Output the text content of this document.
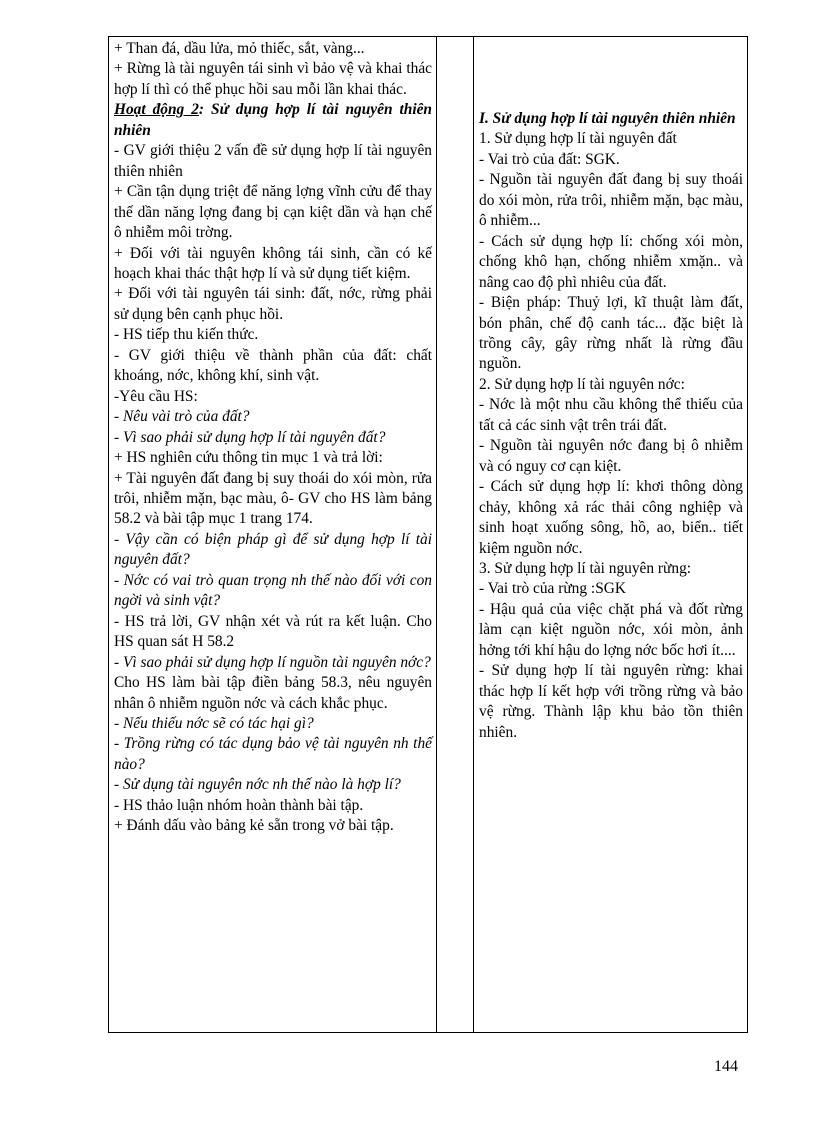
+ Than đá, dầu lửa, mỏ thiếc, sắt, vàng...

+ Rừng là tài nguyên tái sinh vì bảo vệ và khai thác hợp lí thì có thể phục hồi sau mỗi lần khai thác.

Hoạt động 2: Sử dụng hợp lí tài nguyên thiên nhiên

- GV giới thiệu 2 vấn đề sử dụng hợp lí tài nguyên thiên nhiên

+ Cần tận dụng triệt để năng lợng vĩnh cửu để thay thế dần năng lợng đang bị cạn kiệt dần và hạn chế ô nhiễm môi trờng.

+ Đối với tài nguyên không tái sinh, cần có kế hoạch khai thác thật hợp lí và sử dụng tiết kiệm.

+ Đối với tài nguyên tái sinh: đất, nớc, rừng phải sử dụng bên cạnh phục hồi.

- HS tiếp thu kiến thức.

- GV giới thiệu về thành phần của đất: chất khoáng, nớc, không khí, sinh vật.

-Yêu cầu HS:

- Nêu vài trò của đất?

- Vì sao phải sử dụng hợp lí tài nguyên đất?

+ HS nghiên cứu thông tin mục 1 và trả lời:

+ Tài nguyên đất đang bị suy thoái do xói mòn, rửa trôi, nhiễm mặn, bạc màu, ô- GV cho HS làm bảng 58.2 và bài tập mục 1 trang 174.

- Vậy cần có biện pháp gì để sử dụng hợp lí tài nguyên đất?

- Nớc có vai trò quan trọng nh thế nào đối với con ngời và sinh vật?

- HS trả lời, GV nhận xét và rút ra kết luận. Cho HS quan sát H 58.2

- Vì sao phải sử dụng hợp lí nguồn tài nguyên nớc?

Cho HS làm bài tập điền bảng 58.3, nêu nguyên nhân ô nhiễm nguồn nớc và cách khắc phục.

- Nếu thiếu nớc sẽ có tác hại gì?

- Trồng rừng có tác dụng bảo vệ tài nguyên nh thế nào?

- Sử dụng tài nguyên nớc nh thế nào là hợp lí?

- HS thảo luận nhóm hoàn thành bài tập.

+ Đánh dấu vào bảng kẻ sẵn trong vở bài tập.

I. Sử dụng hợp lí tài nguyên thiên nhiên

1. Sử dụng hợp lí tài nguyên đất

- Vai trò của đất: SGK.

- Nguồn tài nguyên đất đang bị suy thoái do xói mòn, rửa trôi, nhiễm mặn, bạc màu, ô nhiễm...

- Cách sử dụng hợp lí: chống xói mòn, chống khô hạn, chống nhiễm xmặn.. và nâng cao độ phì nhiêu của đất.

- Biện pháp: Thuỷ lợi, kĩ thuật làm đất, bón phân, chế độ canh tác... đặc biệt là trồng cây, gây rừng nhất là rừng đầu nguồn.

2. Sử dụng hợp lí tài nguyên nớc:

- Nớc là một nhu cầu không thể thiếu của tất cả các sinh vật trên trái đất.

- Nguồn tài nguyên nớc đang bị ô nhiễm và có nguy cơ cạn kiệt.

- Cách sử dụng hợp lí: khơi thông dòng chảy, không xả rác thải công nghiệp và sinh hoạt xuống sông, hồ, ao, biển.. tiết kiệm nguồn nớc.

3. Sử dụng hợp lí tài nguyên rừng:

- Vai trò của rừng :SGK

- Hậu quả của việc chặt phá và đốt rừng làm cạn kiệt nguồn nớc, xói mòn, ảnh hởng tới khí hậu do lợng nớc bốc hơi ít....

- Sử dụng hợp lí tài nguyên rừng: khai thác hợp lí kết hợp với trồng rừng và bảo vệ rừng. Thành lập khu bảo tồn thiên nhiên.

144
